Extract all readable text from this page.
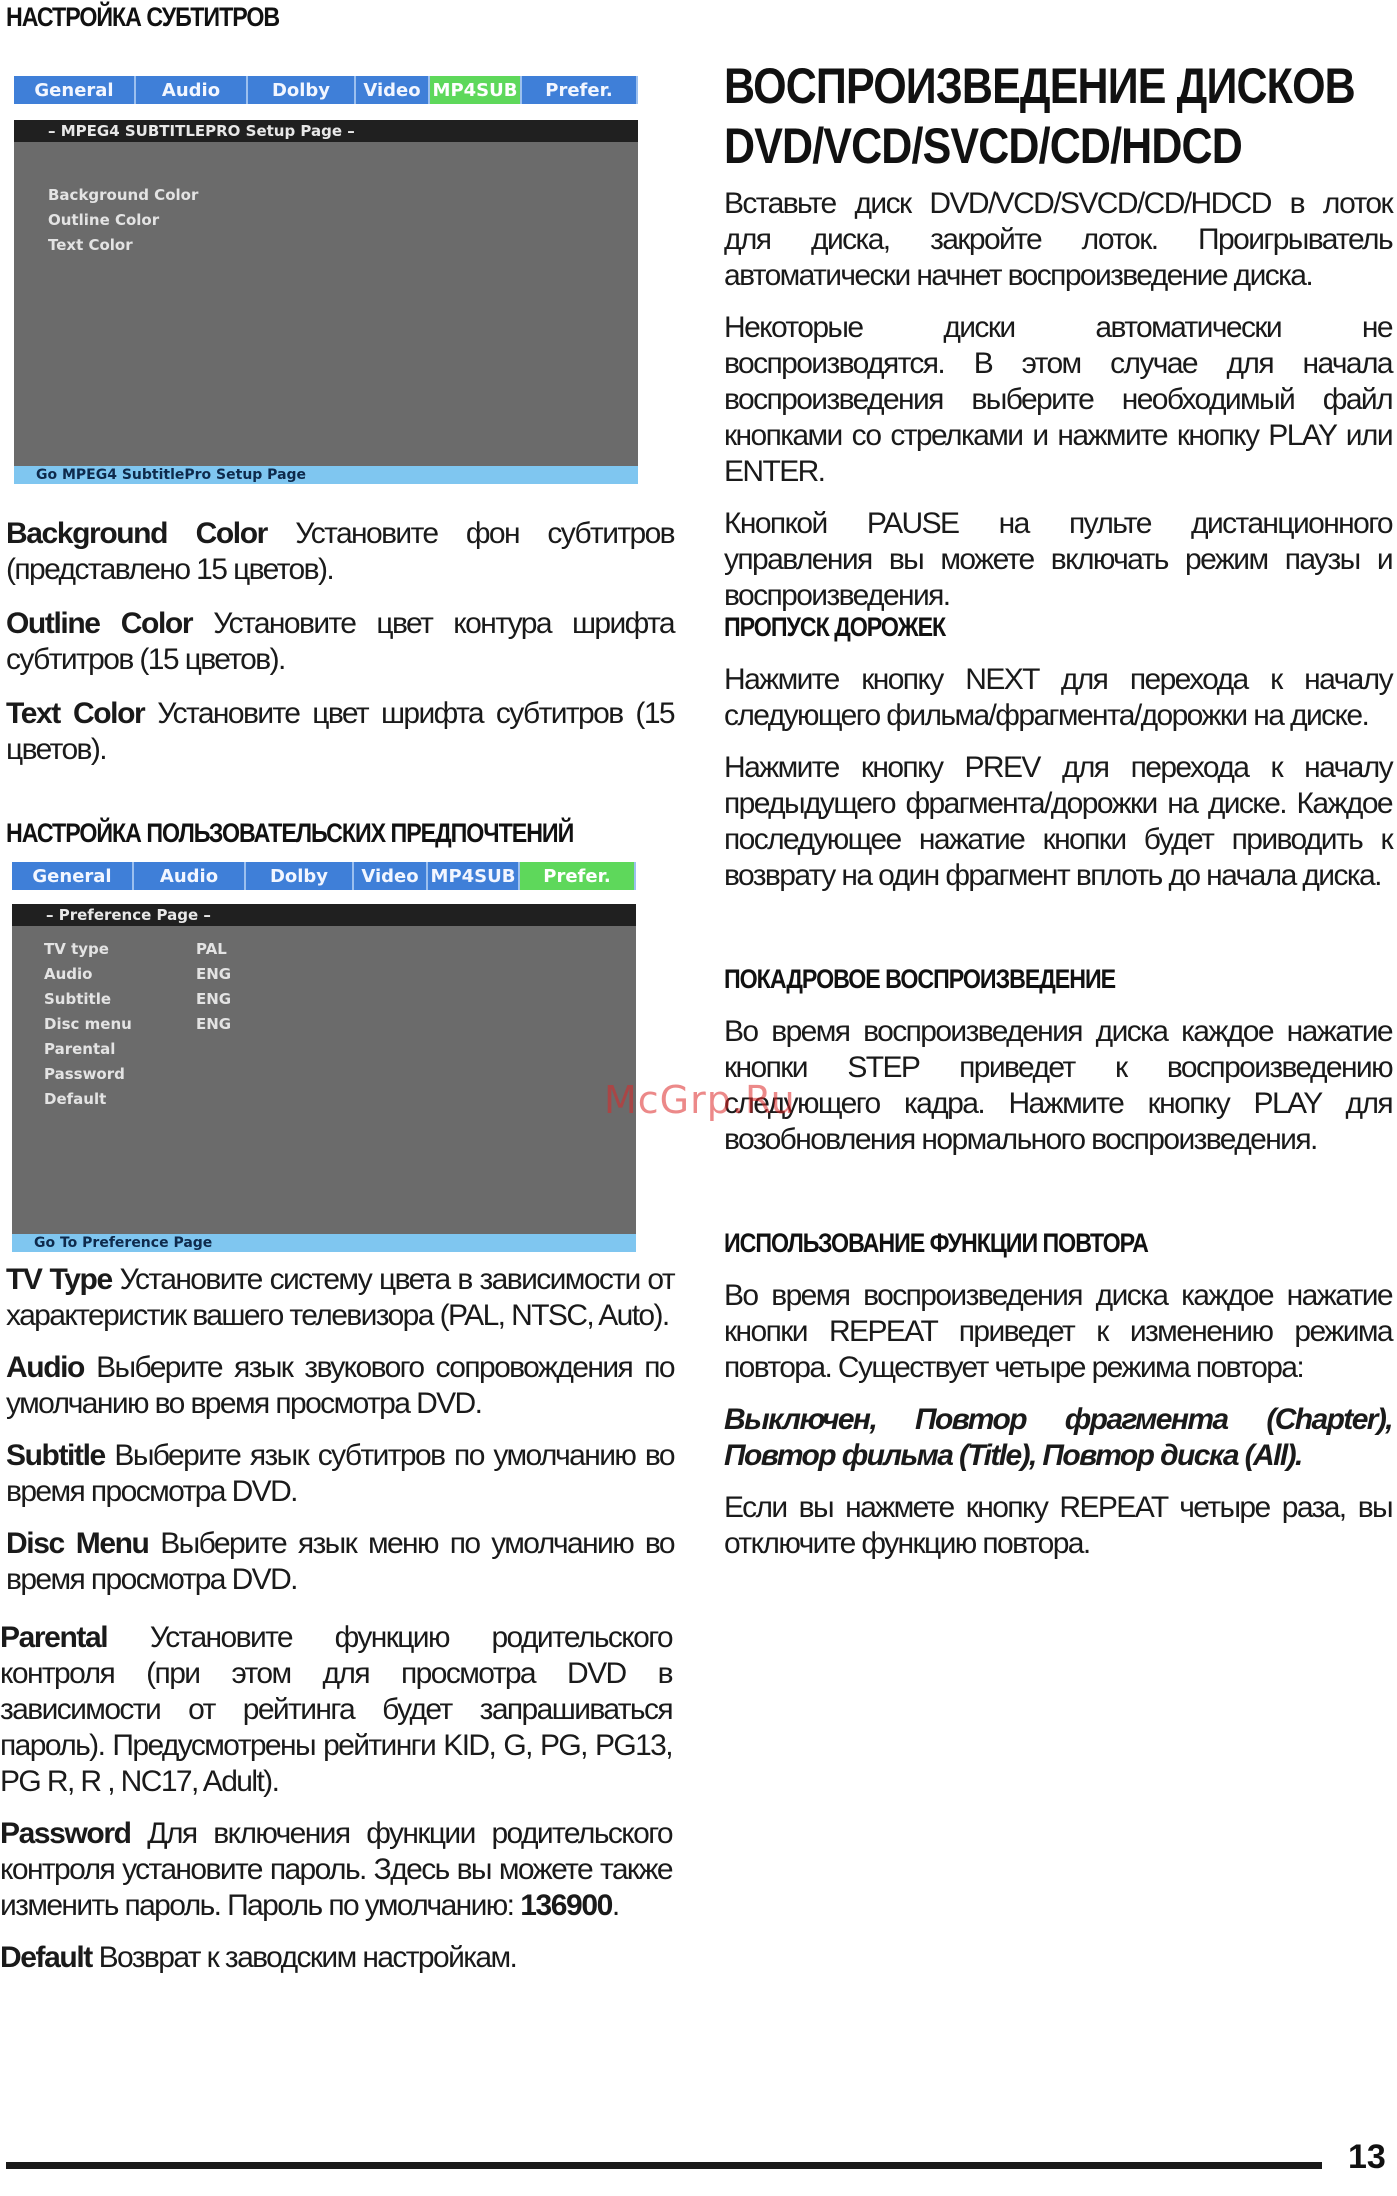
НАСТРОЙКА СУБТИТРОВ
General	Audio	Dolby	Video MP4SUB	Prefer.
– MPEG4 SUBTITLEPRO Setup Page –
Background Color
Outline Color
Text Color
Go MPEG4 SubtitlePro Setup Page

Background Color Установите фон субтитров (представлено 15 цветов).

Outline Color Установите цвет контура шрифта субтитров (15 цветов).

Text Color Установите цвет шрифта субтитров (15 цветов).

НАСТРОЙКА ПОЛЬЗОВАТЕЛЬСКИХ ПРЕДПОЧТЕНИЙ
General	Audio	Dolby	Video MP4SUB	Prefer.
– Preference Page –
TV type	PAL
Audio	ENG
Subtitle	ENG
Disc menu	ENG
Parental
Password
Default
Go To Preference Page

TV Type Установите систему цвета в зависимости от характеристик вашего телевизора (PAL, NTSC, Auto).

Audio Выберите язык звукового сопровождения по умолчанию во время просмотра DVD.

Subtitle Выберите язык субтитров по умолчанию во время просмотра DVD.

Disc Menu Выберите язык меню по умолчанию во время просмотра DVD.

Parental Установите функцию родительского контроля (при этом для просмотра DVD в зависимости от рейтинга будет запрашиваться пароль). Предусмотрены рейтинги KID, G, PG, PG13, PG R, R , NC17, Adult).

Password Для включения функции родительского контроля установите пароль. Здесь вы можете также изменить пароль. Пароль по умолчанию: 136900.

Default Возврат к заводским настройкам.

ВОСПРОИЗВЕДЕНИЕ ДИСКОВ
DVD/VCD/SVCD/CD/HDCD

Вставьте диск DVD/VCD/SVCD/CD/HDCD в лоток для диска, закройте лоток. Проигрыватель автоматически начнет воспроизведение диска.

Некоторые диски автоматически не воспроизводятся. В этом случае для начала воспроизведения выберите необходимый файл кнопками со стрелками и нажмите кнопку PLAY или ENTER.

Кнопкой PAUSE на пульте дистанционного управления вы можете включать режим паузы и воспроизведения.

ПРОПУСК ДОРОЖЕК

Нажмите кнопку NEXT для перехода к началу следующего фильма/фрагмента/дорожки на диске.

Нажмите кнопку PREV для перехода к началу предыдущего фрагмента/дорожки на диске. Каждое последующее нажатие кнопки будет приводить к возврату на один фрагмент вплоть до начала диска.

ПОКАДРОВОЕ ВОСПРОИЗВЕДЕНИЕ

Во время воспроизведения диска каждое нажатие кнопки STEP приведет к воспроизведению следующего кадра. Нажмите кнопку PLAY для возобновления нормального воспроизведения.

ИСПОЛЬЗОВАНИЕ ФУНКЦИИ ПОВТОРА

Во время воспроизведения диска каждое нажатие кнопки REPEAT приведет к изменению режима повтора. Существует четыре режима повтора:

Выключен, Повтор фрагмента (Chapter), Повтор фильма (Title), Повтор диска (All).

Если вы нажмете кнопку REPEAT четыре раза, вы отключите функцию повтора.

McGrp.Ru
13
